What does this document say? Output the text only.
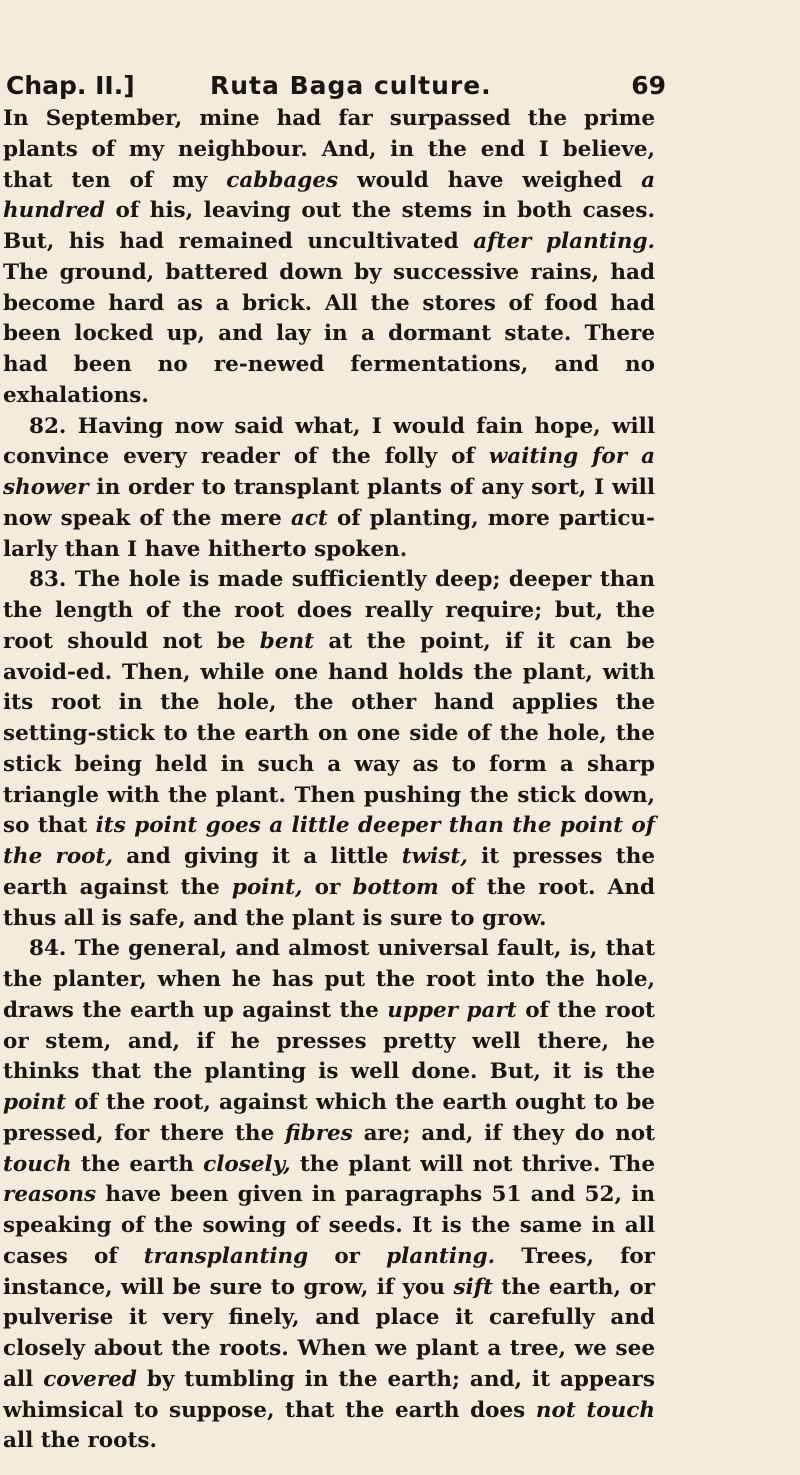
Chap. II.]	Ruta Baga culture.	69

In September, mine had far surpassed the prime plants of my neighbour. And, in the end I believe, that ten of my cabbages would have weighed a hundred of his, leaving out the stems in both cases. But, his had remained uncultivated after planting. The ground, battered down by successive rains, had become hard as a brick. All the stores of food had been locked up, and lay in a dormant state. There had been no re-newed fermentations, and no exhalations.

82. Having now said what, I would fain hope, will convince every reader of the folly of waiting for a shower in order to transplant plants of any sort, I will now speak of the mere act of planting, more particu-larly than I have hitherto spoken.

83. The hole is made sufficiently deep; deeper than the length of the root does really require; but, the root should not be bent at the point, if it can be avoid-ed. Then, while one hand holds the plant, with its root in the hole, the other hand applies the setting-stick to the earth on one side of the hole, the stick being held in such a way as to form a sharp triangle with the plant. Then pushing the stick down, so that its point goes a little deeper than the point of the root, and giving it a little twist, it presses the earth against the point, or bottom of the root. And thus all is safe, and the plant is sure to grow.

84. The general, and almost universal fault, is, that the planter, when he has put the root into the hole, draws the earth up against the upper part of the root or stem, and, if he presses pretty well there, he thinks that the planting is well done. But, it is the point of the root, against which the earth ought to be pressed, for there the fibres are; and, if they do not touch the earth closely, the plant will not thrive. The reasons have been given in paragraphs 51 and 52, in speaking of the sowing of seeds. It is the same in all cases of transplanting or planting. Trees, for instance, will be sure to grow, if you sift the earth, or pulverise it very finely, and place it carefully and closely about the roots. When we plant a tree, we see all covered by tumbling in the earth; and, it appears whimsical to suppose, that the earth does not touch all the roots.
